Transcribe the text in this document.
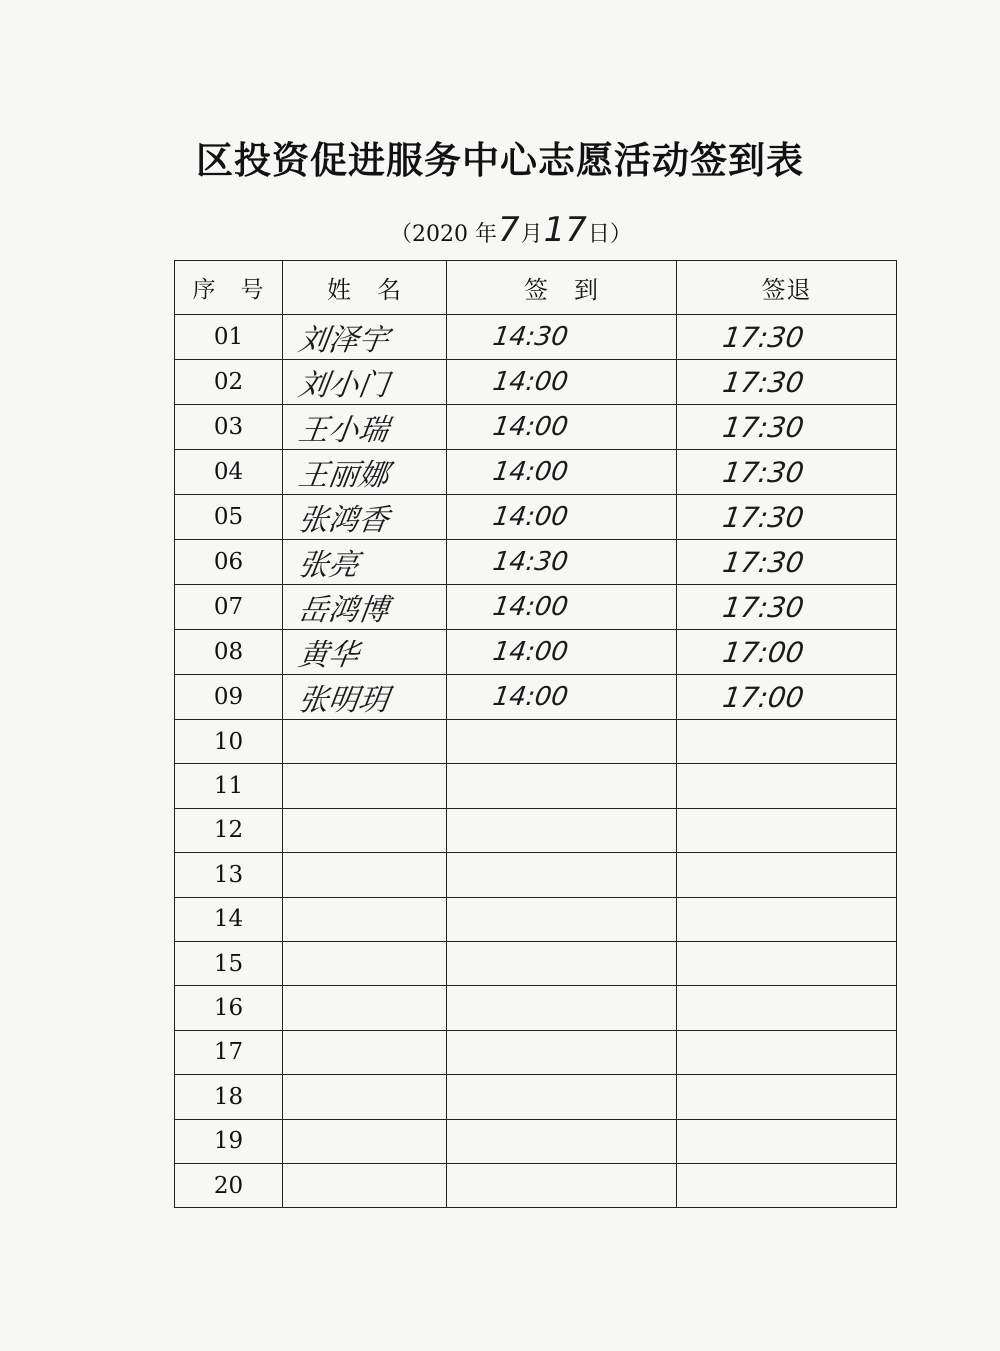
区投资促进服务中心志愿活动签到表
（2020 年 7 月 17 日）
序　号	姓　名	签　到	签退
01	刘泽宇	14:30	17:30
02	刘小门	14:00	17:30
03	王小瑞	14:00	17:30
04	王丽娜	14:00	17:30
05	张鸿香	14:00	17:30
06	张亮	14:30	17:30
07	岳鸿博	14:00	17:30
08	黄华	14:00	17:00
09	张明玥	14:00	17:00
10			
11			
12			
13			
14			
15			
16			
17			
18			
19			
20			
